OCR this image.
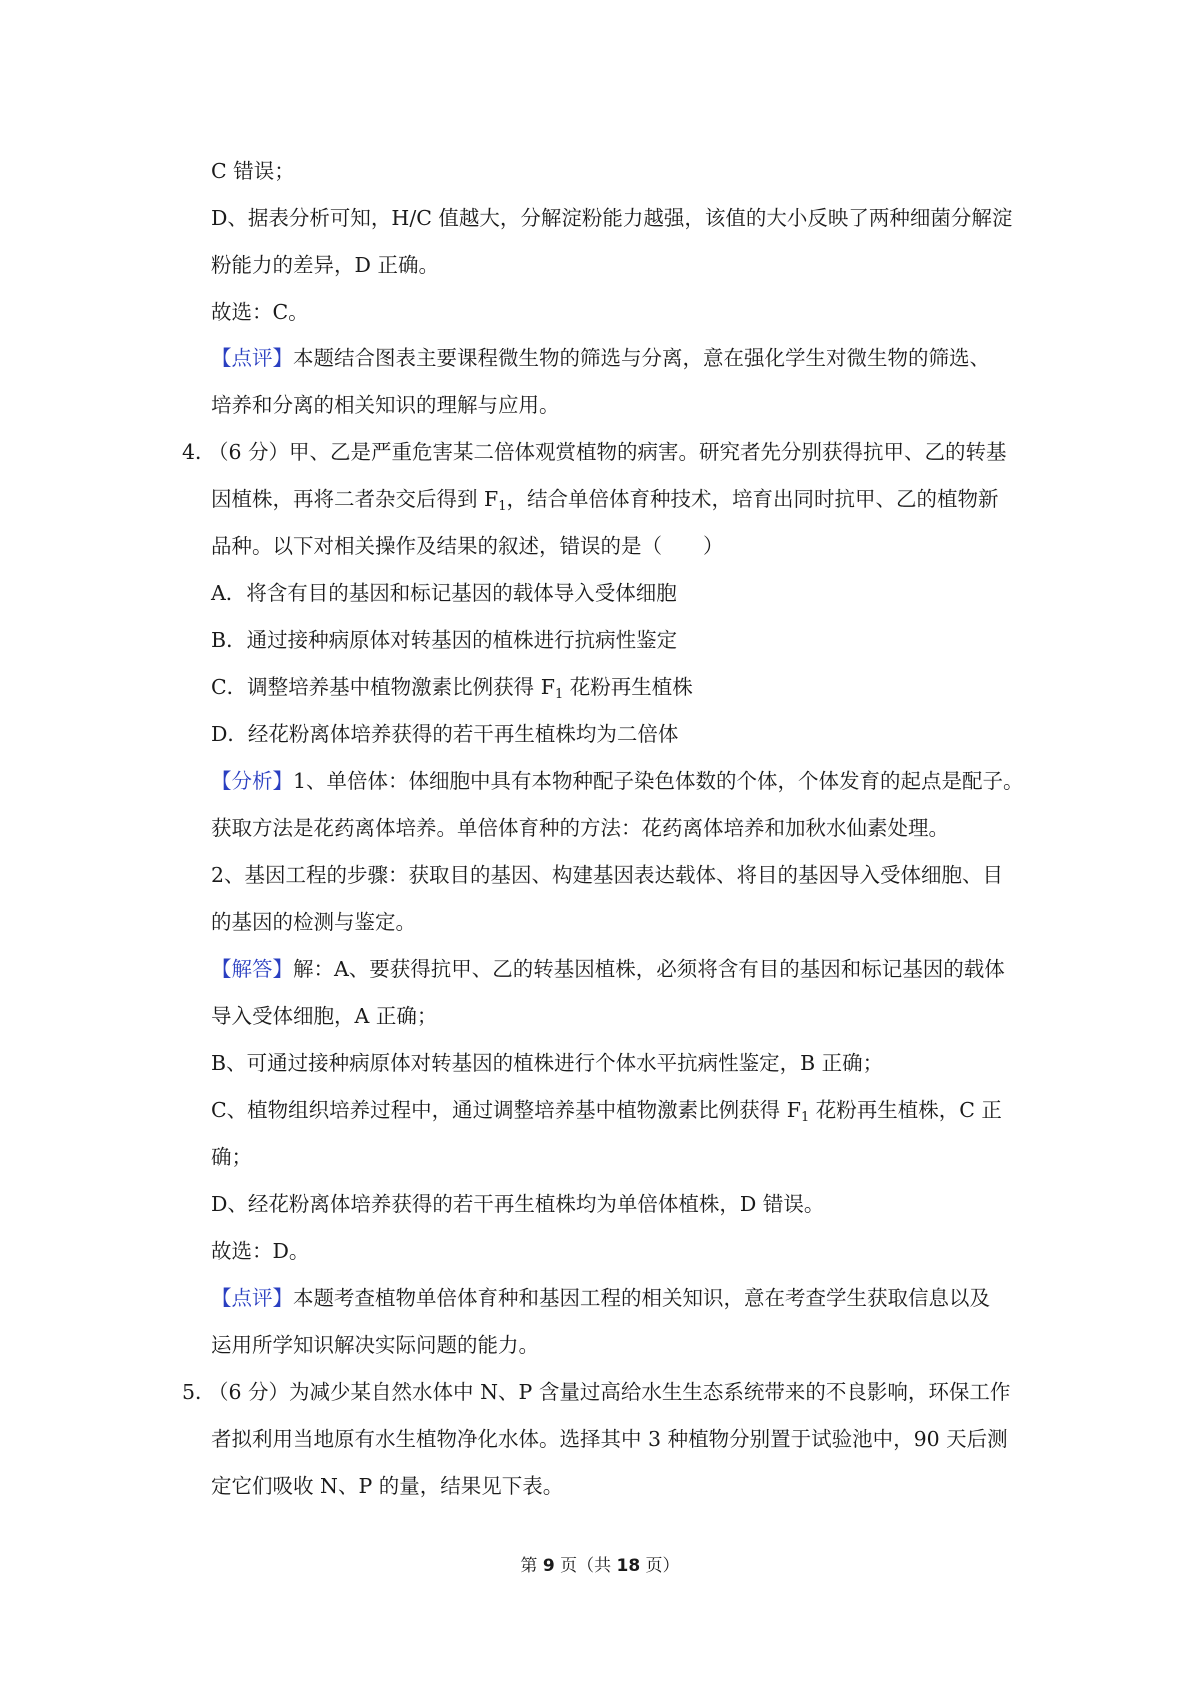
C 错误；
D、据表分析可知，H/C 值越大，分解淀粉能力越强，该值的大小反映了两种细菌分解淀
粉能力的差异，D 正确。
故选：C。
【点评】本题结合图表主要课程微生物的筛选与分离，意在强化学生对微生物的筛选、
培养和分离的相关知识的理解与应用。
4．
（6 分）甲、乙是严重危害某二倍体观赏植物的病害。研究者先分别获得抗甲、乙的转基
因植株，再将二者杂交后得到 $F_1$，结合单倍体育种技术，培育出同时抗甲、乙的植物新
品种。以下对相关操作及结果的叙述，错误的是（　　）
A．将含有目的基因和标记基因的载体导入受体细胞
B．通过接种病原体对转基因的植株进行抗病性鉴定
C．调整培养基中植物激素比例获得 $F_1$ 花粉再生植株
D．经花粉离体培养获得的若干再生植株均为二倍体
【分析】1、单倍体：体细胞中具有本物种配子染色体数的个体，个体发育的起点是配子。
获取方法是花药离体培养。单倍体育种的方法：花药离体培养和加秋水仙素处理。
2、基因工程的步骤：获取目的基因、构建基因表达载体、将目的基因导入受体细胞、目
的基因的检测与鉴定。
【解答】解：A、要获得抗甲、乙的转基因植株，必须将含有目的基因和标记基因的载体
导入受体细胞，A 正确；
B、可通过接种病原体对转基因的植株进行个体水平抗病性鉴定，B 正确；
C、植物组织培养过程中，通过调整培养基中植物激素比例获得 $F_1$ 花粉再生植株，C 正
确；
D、经花粉离体培养获得的若干再生植株均为单倍体植株，D 错误。
故选：D。
【点评】本题考查植物单倍体育种和基因工程的相关知识，意在考查学生获取信息以及
运用所学知识解决实际问题的能力。
5．
（6 分）为减少某自然水体中 N、P 含量过高给水生生态系统带来的不良影响，环保工作
者拟利用当地原有水生植物净化水体。选择其中 3 种植物分别置于试验池中，90 天后测
定它们吸收 N、P 的量，结果见下表。
第 9 页（共 18 页）
